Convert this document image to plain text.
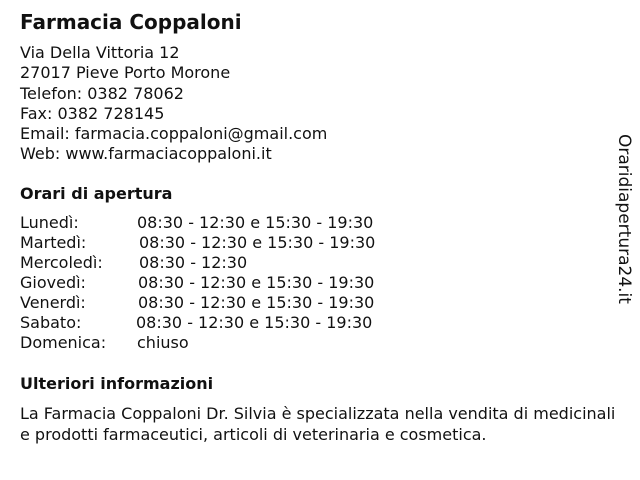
Farmacia Coppaloni
Via Della Vittoria 12
27017 Pieve Porto Morone
Telefon: 0382 78062
Fax: 0382 728145
Email: farmacia.coppaloni@gmail.com
Web: www.farmaciacoppaloni.it
Orari di apertura
Lunedì:	08:30 - 12:30 e 15:30 - 19:30
Martedì:	08:30 - 12:30 e 15:30 - 19:30
Mercoledì: 08:30 - 12:30
Giovedì:	08:30 - 12:30 e 15:30 - 19:30
Venerdì:	08:30 - 12:30 e 15:30 - 19:30
Sabato:	08:30 - 12:30 e 15:30 - 19:30
Domenica: chiuso
Ulteriori informazioni
La Farmacia Coppaloni Dr. Silvia è specializzata nella vendita di medicinali e prodotti farmaceutici, articoli di veterinaria e cosmetica.
Oraridiapertura24.it
